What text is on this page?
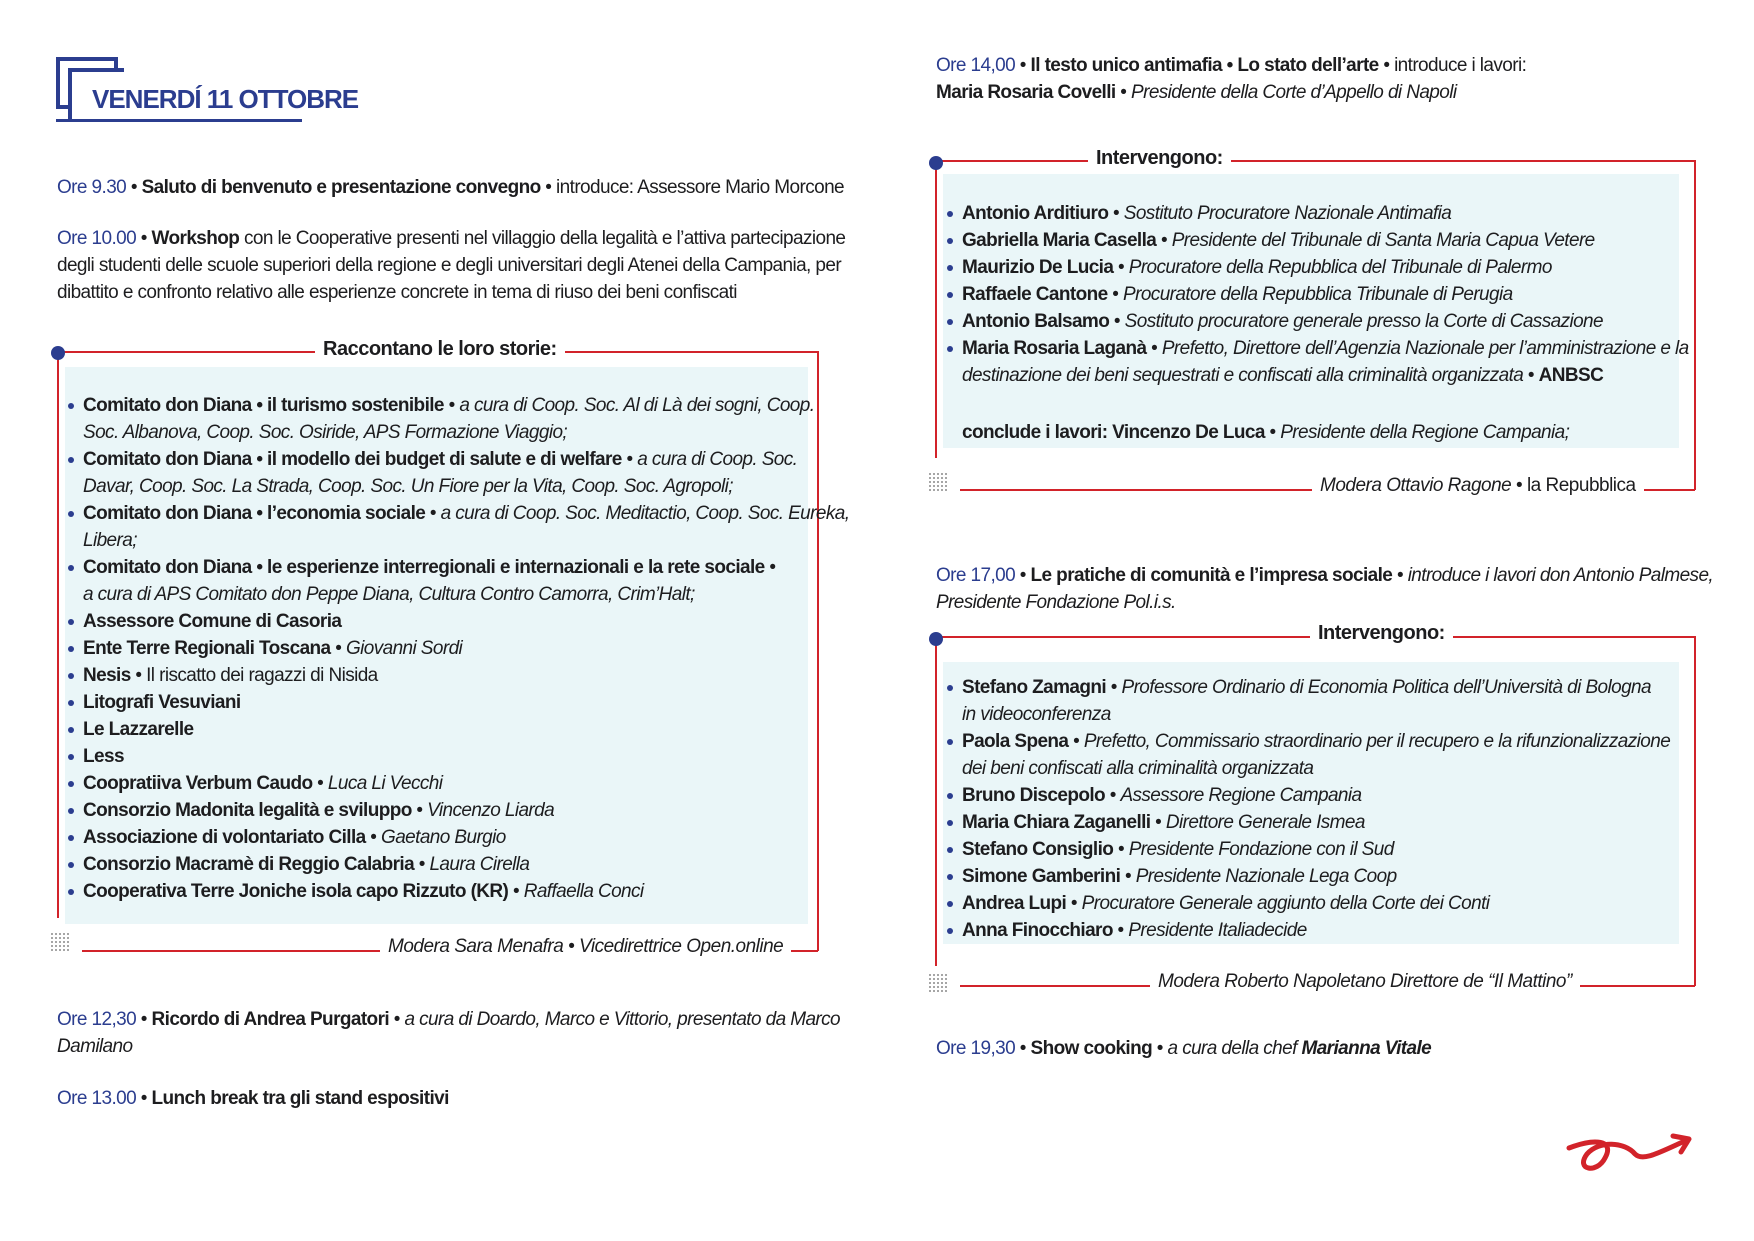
VENERDÍ 11 OTTOBRE
Ore 9.30 • Saluto di benvenuto e presentazione convegno • introduce: Assessore Mario Morcone
Ore 10.00 • Workshop con le Cooperative presenti nel villaggio della legalità e l’attiva partecipazione
degli studenti delle scuole superiori della regione e degli universitari degli Atenei della Campania, per
dibattito e confronto relativo alle esperienze concrete in tema di riuso dei beni confiscati
Raccontano le loro storie:
Comitato don Diana • il turismo sostenibile • a cura di Coop. Soc. Al di Là dei sogni, Coop.
Soc. Albanova, Coop. Soc. Osiride, APS Formazione Viaggio;
Comitato don Diana • il modello dei budget di salute e di welfare • a cura di Coop. Soc.
Davar, Coop. Soc. La Strada, Coop. Soc. Un Fiore per la Vita, Coop. Soc. Agropoli;
Comitato don Diana • l’economia sociale • a cura di Coop. Soc. Meditactio, Coop. Soc. Eureka,
Libera;
Comitato don Diana • le esperienze interregionali e internazionali e la rete sociale •
a cura di APS Comitato don Peppe Diana, Cultura Contro Camorra, Crim’Halt;
Assessore Comune di Casoria
Ente Terre Regionali Toscana • Giovanni Sordi
Nesis • Il riscatto dei ragazzi di Nisida
Litografi Vesuviani
Le Lazzarelle
Less
Coopratiiva Verbum Caudo • Luca Li Vecchi
Consorzio Madonita legalità e sviluppo • Vincenzo Liarda
Associazione di volontariato Cilla • Gaetano Burgio
Consorzio Macramè di Reggio Calabria • Laura Cirella
Cooperativa Terre Joniche isola capo Rizzuto (KR) • Raffaella Conci
Modera Sara Menafra • Vicedirettrice Open.online
Ore 12,30 • Ricordo di Andrea Purgatori • a cura di Doardo, Marco e Vittorio, presentato da Marco
Damilano
Ore 13.00 • Lunch break tra gli stand espositivi
Ore 14,00 • Il testo unico antimafia • Lo stato dell’arte • introduce i lavori:
Maria Rosaria Covelli • Presidente della Corte d’Appello di Napoli
Intervengono:
Antonio Arditiuro • Sostituto Procuratore Nazionale Antimafia
Gabriella Maria Casella • Presidente del Tribunale di Santa Maria Capua Vetere
Maurizio De Lucia • Procuratore della Repubblica del Tribunale di Palermo
Raffaele Cantone • Procuratore della Repubblica Tribunale di Perugia
Antonio Balsamo • Sostituto procuratore generale presso la Corte di Cassazione
Maria Rosaria Laganà • Prefetto, Direttore dell’Agenzia Nazionale per l’amministrazione e la
destinazione dei beni sequestrati e confiscati alla criminalità organizzata • ANBSC
conclude i lavori: Vincenzo De Luca • Presidente della Regione Campania;
Modera Ottavio Ragone • la Repubblica
Ore 17,00 • Le pratiche di comunità e l’impresa sociale • introduce i lavori don Antonio Palmese,
Presidente Fondazione Pol.i.s.
Intervengono:
Stefano Zamagni • Professore Ordinario di Economia Politica dell’Università di Bologna
in videoconferenza
Paola Spena • Prefetto, Commissario straordinario per il recupero e la rifunzionalizzazione
dei beni confiscati alla criminalità organizzata
Bruno Discepolo • Assessore Regione Campania
Maria Chiara Zaganelli • Direttore Generale Ismea
Stefano Consiglio • Presidente Fondazione con il Sud
Simone Gamberini • Presidente Nazionale Lega Coop
Andrea Lupi • Procuratore Generale aggiunto della Corte dei Conti
Anna Finocchiaro • Presidente Italiadecide
Modera Roberto Napoletano Direttore de “Il Mattino”
Ore 19,30 • Show cooking • a cura della chef Marianna Vitale
